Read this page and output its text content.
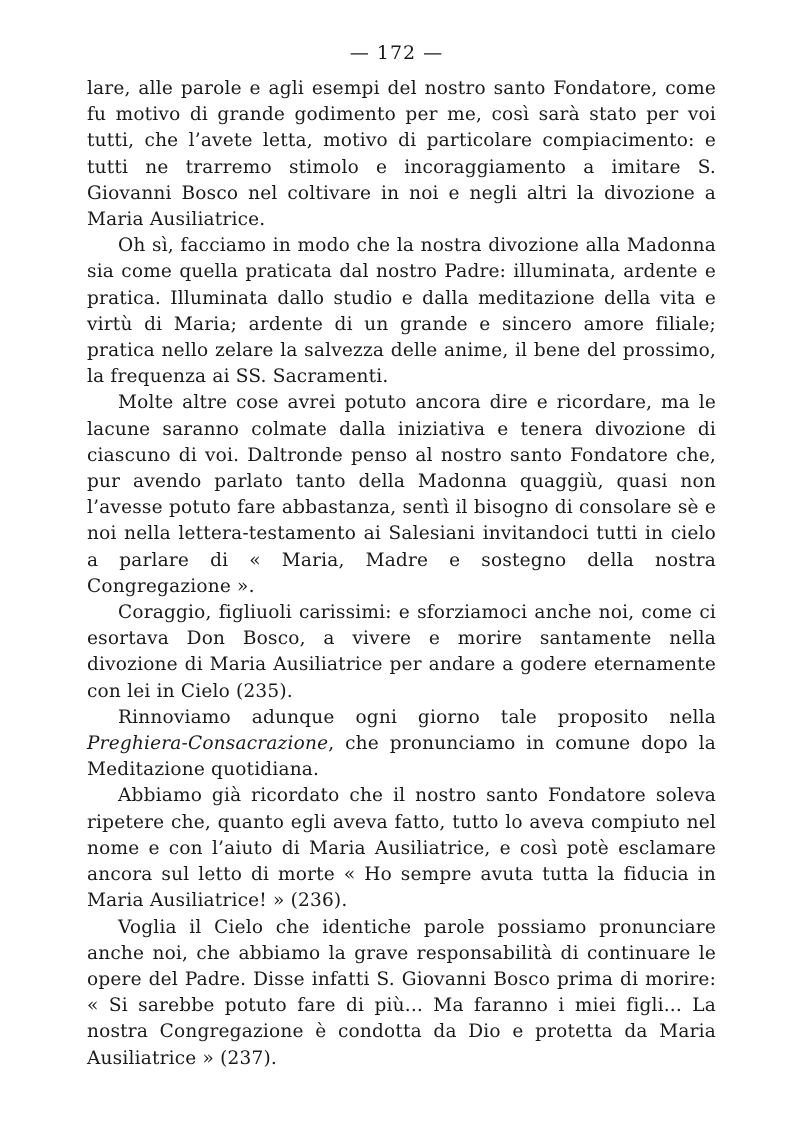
— 172 —

lare, alle parole e agli esempi del nostro santo Fondatore, come fu motivo di grande godimento per me, così sarà stato per voi tutti, che l’avete letta, motivo di particolare compiacimento: e tutti ne trarremo stimolo e incoraggiamento a imitare S. Giovanni Bosco nel coltivare in noi e negli altri la divozione a Maria Ausiliatrice.

Oh sì, facciamo in modo che la nostra divozione alla Madonna sia come quella praticata dal nostro Padre: illuminata, ardente e pratica. Illuminata dallo studio e dalla meditazione della vita e virtù di Maria; ardente di un grande e sincero amore filiale; pratica nello zelare la salvezza delle anime, il bene del prossimo, la frequenza ai SS. Sacramenti.

Molte altre cose avrei potuto ancora dire e ricordare, ma le lacune saranno colmate dalla iniziativa e tenera divozione di ciascuno di voi. Daltronde penso al nostro santo Fondatore che, pur avendo parlato tanto della Madonna quaggiù, quasi non l’avesse potuto fare abbastanza, sentì il bisogno di consolare sè e noi nella lettera-testamento ai Salesiani invitandoci tutti in cielo a parlare di « Maria, Madre e sostegno della nostra Congregazione ».

Coraggio, figliuoli carissimi: e sforziamoci anche noi, come ci esortava Don Bosco, a vivere e morire santamente nella divozione di Maria Ausiliatrice per andare a godere eternamente con lei in Cielo (235).

Rinnoviamo adunque ogni giorno tale proposito nella Preghiera-Consacrazione, che pronunciamo in comune dopo la Meditazione quotidiana.

Abbiamo già ricordato che il nostro santo Fondatore soleva ripetere che, quanto egli aveva fatto, tutto lo aveva compiuto nel nome e con l’aiuto di Maria Ausiliatrice, e così potè esclamare ancora sul letto di morte « Ho sempre avuta tutta la fiducia in Maria Ausiliatrice! » (236).

Voglia il Cielo che identiche parole possiamo pronunciare anche noi, che abbiamo la grave responsabilità di continuare le opere del Padre. Disse infatti S. Giovanni Bosco prima di morire: « Si sarebbe potuto fare di più... Ma faranno i miei figli... La nostra Congregazione è condotta da Dio e protetta da Maria Ausiliatrice » (237).
